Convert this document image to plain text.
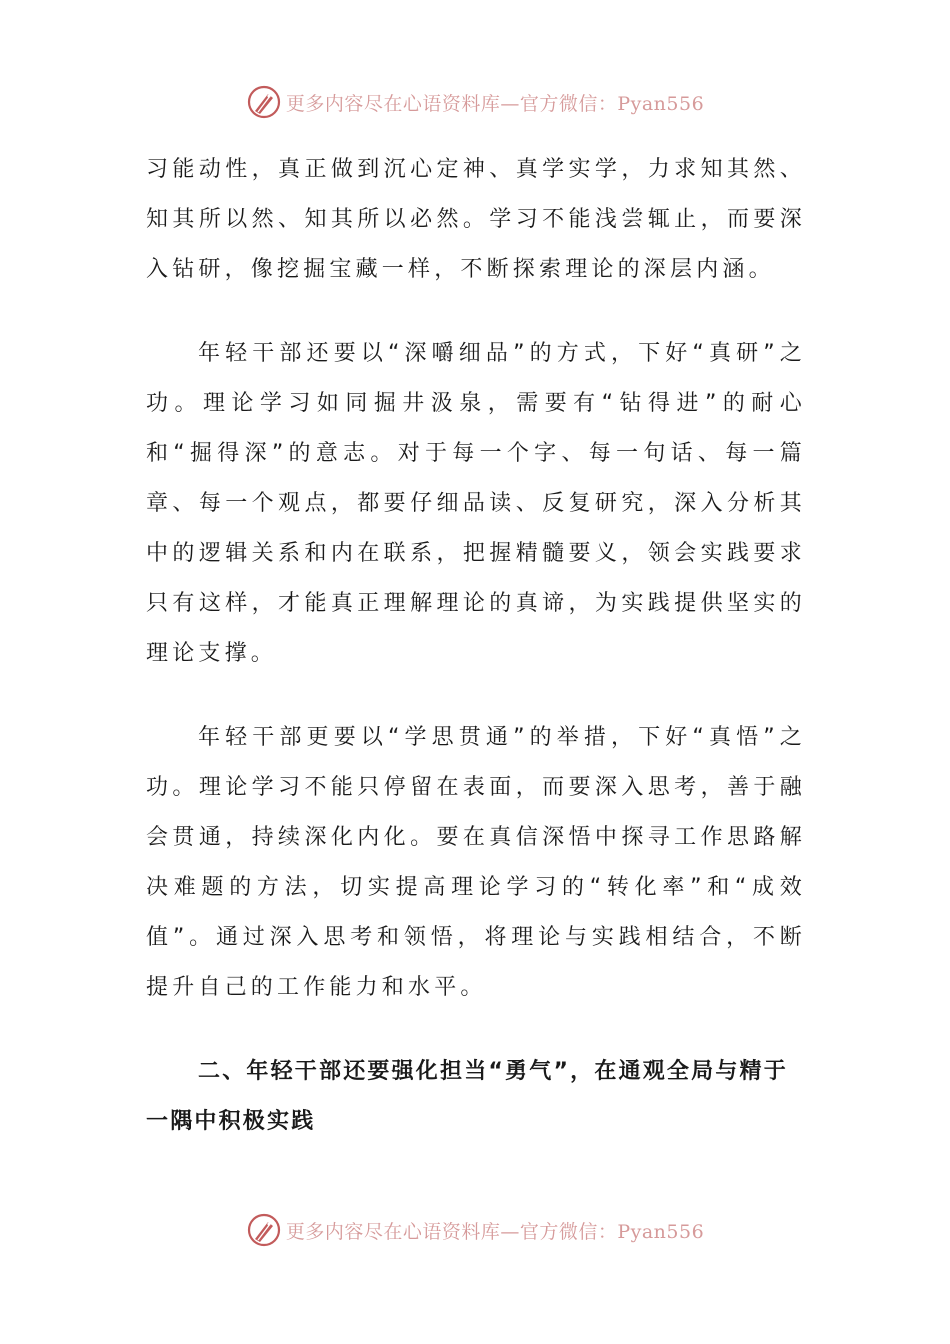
更多内容尽在心语资料库—官方微信：Pyan556

习能动性，真正做到沉心定神、真学实学，力求知其然、知其所以然、知其所以必然。学习不能浅尝辄止，而要深入钻研，像挖掘宝藏一样，不断探索理论的深层内涵。

年轻干部还要以“深嚼细品”的方式，下好“真研”之功。理论学习如同掘井汲泉，需要有“钻得进”的耐心和“掘得深”的意志。对于每一个字、每一句话、每一篇章、每一个观点，都要仔细品读、反复研究，深入分析其中的逻辑关系和内在联系，把握精髓要义，领会实践要求只有这样，才能真正理解理论的真谛，为实践提供坚实的理论支撑。

年轻干部更要以“学思贯通”的举措，下好“真悟”之功。理论学习不能只停留在表面，而要深入思考，善于融会贯通，持续深化内化。要在真信深悟中探寻工作思路解决难题的方法，切实提高理论学习的“转化率”和“成效值”。通过深入思考和领悟，将理论与实践相结合，不断提升自己的工作能力和水平。

二、年轻干部还要强化担当“勇气”，在通观全局与精于一隅中积极实践

更多内容尽在心语资料库—官方微信：Pyan556
